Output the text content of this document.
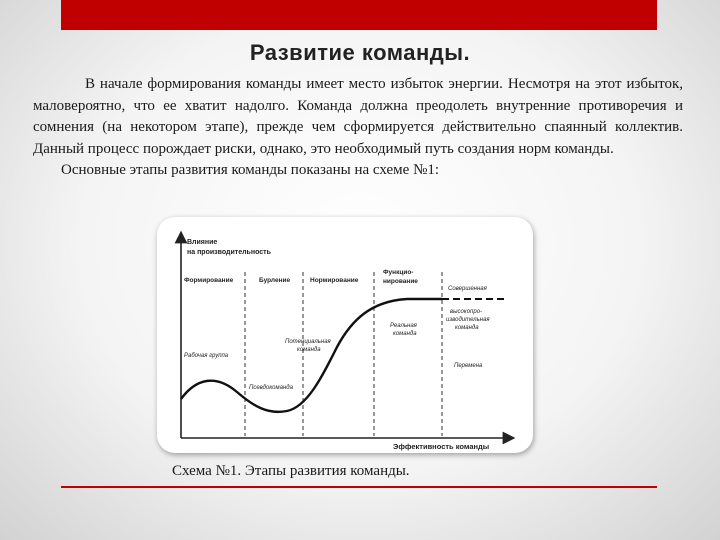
Развитие команды.

В начале формирования команды имеет место избыток энергии. Несмотря на этот избыток, маловероятно, что ее хватит надолго. Команда должна преодолеть внутренние противоречия и сомнения (на некотором этапе), прежде чем сформируется действительно спаянный коллектив. Данный процесс порождает риски, однако, это необходимый путь создания норм команды.

Основные этапы развития команды показаны на схеме №1:

Влияние
на производительность
Эффективность команды
Формирование	Бурление	Нормирование
Функцио-
нирование
Рабочая группа
Псевдокоманда
Потенциальная
команда
Реальная
команда
Совершенная
высокопро-
изводительная
команда
Перемена
Схема №1. Этапы развития команды.
